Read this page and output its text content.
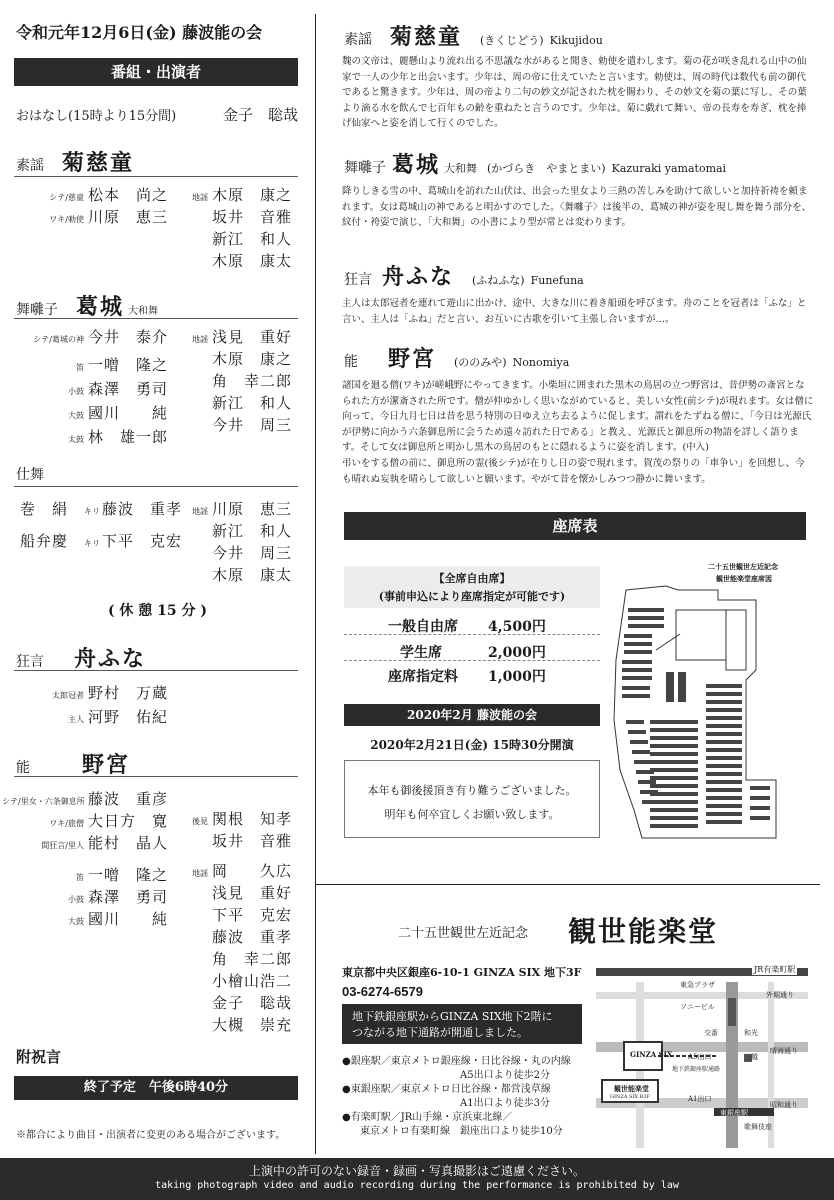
令和元年12月6日(金) 藤波能の会
番組・出演者
おはなし(15時より15分間)	金子　聡哉
素謡 菊慈童
シテ/慈童 松本　尚之
ワキ/勅使 川原　恵三
地謡 木原　康之
坂井　音雅
新江　和人
木原　康太
舞囃子 葛城 大和舞
シテ/葛城の神 今井　泰介
笛 一噌　隆之
小鼓 森澤　勇司
大鼓 國川　　純
太鼓 林　雄一郎
地謡 浅見　重好
木原　康之
角　幸二郎
新江　和人
今井　周三
仕舞
巻　絹	キリ 藤波　重孝
船弁慶	キリ 下平　克宏
地謡 川原　恵三
新江　和人
今井　周三
木原　康太
( 休 憩 15 分 )
狂言 舟ふな
太郎冠者 野村　万蔵
主人 河野　佑紀
能 野宮
シテ/里女・六条御息所 藤波　重彦
ワキ/旅僧 大日方　寛
間狂言/里人 能村　晶人
笛 一噌　隆之
小鼓 森澤　勇司
大鼓 國川　　純
後見 関根　知孝
坂井　音雅
地謡 岡　　久広
浅見　重好
下平　克宏
藤波　重孝
角　幸二郎
小檜山浩二
金子　聡哉
大槻　崇充
附祝言
終了予定　午後6時40分
※都合により曲目・出演者に変更のある場合がございます。
素謡 菊慈童 (きくじどう) Kikujidou
魏の文帝は、麗懸山より流れ出る不思議な水があると聞き、勅使を遣わします。菊の花が咲き乱れる山中の仙家で一人の少年と出会います。少年は、周の帝に仕えていたと言います。勅使は、周の時代は数代も前の御代であると驚きます。少年は、周の帝より二句の妙文が記された枕を賜わり、その妙文を菊の葉に写し、その葉より滴る水を飲んで七百年もの齢を重ねたと言うのです。少年は、菊に戯れて舞い、帝の長寿を寿ぎ、枕を捧げ仙家へと姿を消して行くのでした。
舞囃子 葛城 大和舞 (かづらき　やまとまい) Kazuraki yamatomai
降りしきる雪の中、葛城山を訪れた山伏は、出会った里女より三熱の苦しみを助けて欲しいと加持祈祷を頼まれます。女は葛城山の神であると明かすのでした。〈舞囃子〉は後半の、葛城の神が姿を現し舞を舞う部分を、紋付・袴姿で演じ、「大和舞」の小書により型が常とは変わります。
狂言 舟ふな (ふねふな) Funefuna
主人は太郎冠者を連れて遊山に出かけ、途中、大きな川に着き船頭を呼びます。舟のことを冠者は「ふな」と言い、主人は「ふね」だと言い、お互いに古歌を引いて主張し合いますが…。
能 野宮 (ののみや) Nonomiya
諸国を廻る僧(ワキ)が嵯峨野にやってきます。小柴垣に囲まれた黒木の鳥居の立つ野宮は、昔伊勢の斎宮となられた方が潔斎された所です。僧が仲ゆかしく思いながめていると、美しい女性(前シテ)が現れます。女は僧に向って、今日九月七日は昔を思う特別の日ゆえ立ち去るように促します。謂れをたずねる僧に、「今日は光源氏が伊勢に向かう六条御息所に会うため遠々訪れた日である」と教え、光源氏と御息所の物語を詳しく語ります。そして女は御息所と明かし黒木の鳥居のもとに隠れるように姿を消します。(中入)
弔いをする僧の前に、御息所の霊(後シテ)が在りし日の姿で現れます。賀茂の祭りの「車争い」を回想し、今も晴れぬ妄執を晴らして欲しいと願います。やがて昔を懐かしみつつ静かに舞います。
座席表
【全席自由席】
(事前申込により座席指定が可能です)
一般自由席	4,500円
学生席	2,000円
座席指定料	1,000円
2020年2月 藤波能の会
2020年2月21日(金) 15時30分開演
本年も御後援頂き有り難うございました。
明年も何卒宜しくお願い致します。
二十五世観世左近記念
観世能楽堂座席図
二十五世観世左近記念 観世能楽堂
東京都中央区銀座6-10-1 GINZA SIX 地下3F
03-6274-6579
地下鉄銀座駅からGINZA SIX地下2階に
つながる地下通路が開通しました。
●銀座駅／東京メトロ銀座線・日比谷線・丸の内線
A5出口より徒歩2分
●東銀座駅／東京メトロ日比谷線・都営浅草線
A1出口より徒歩3分
●有楽町駅／JR山手線・京浜東北線／
東京メトロ有楽町線　銀座出口より徒歩10分
JR有楽町駅
東急プラザ
外堀通り
ソニービル
交番	和光
晴海通り
三越
A5出口
GINZA SIX
地下鉄銀座駅通路
観世能楽堂
GINZA SIX B3F	A1出口
昭和通り
東銀座駅
歌舞伎座
上演中の許可のない録音・録画・写真撮影はご遠慮ください。
taking photograph video and audio recording during the performance is prohibited by law
